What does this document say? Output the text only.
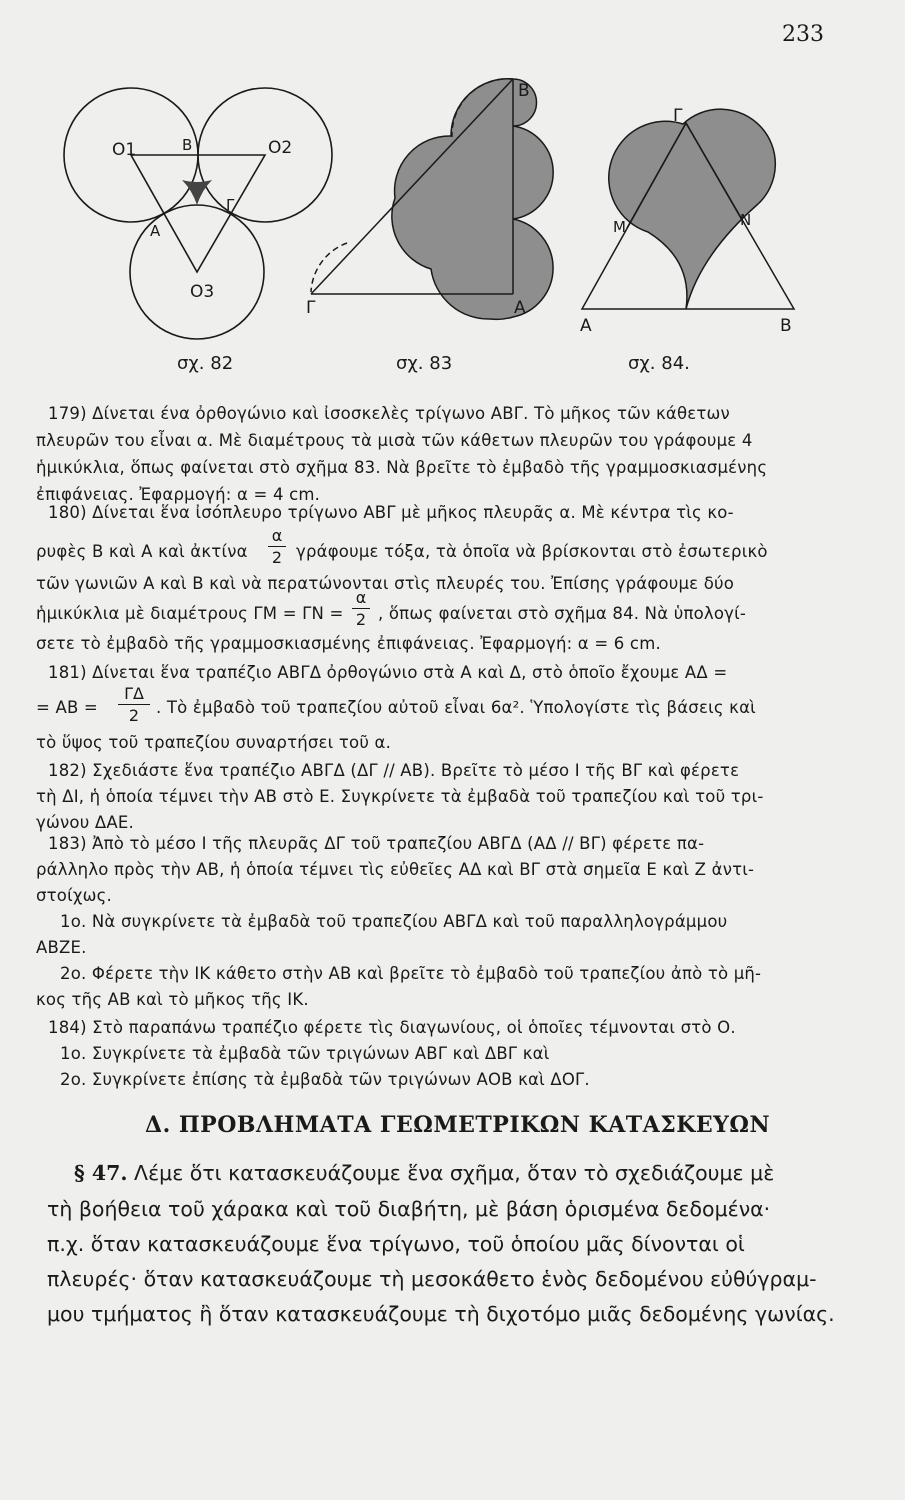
233
O1	O2
O3
B
Γ
A
σχ. 82
B
Γ	A
σχ. 83
Γ
M	N
A	B
σχ. 84.
179) Δίνεται ένα ὀρθογώνιο καὶ ἰσοσκελὲς τρίγωνο ΑΒΓ. Τὸ μῆκος τῶν κάθετων
πλευρῶν του εἶναι α. Μὲ διαμέτρους τὰ μισὰ τῶν κάθετων πλευρῶν του γράφουμε 4
ἡμικύκλια, ὅπως φαίνεται στὸ σχῆμα 83. Νὰ βρεῖτε τὸ ἐμβαδὸ τῆς γραμμοσκιασμένης
ἐπιφάνειας. Ἐφαρμογή: α = 4 cm.
180) Δίνεται ἕνα ἰσόπλευρο τρίγωνο ΑΒΓ μὲ μῆκος πλευρᾶς α. Μὲ κέντρα τὶς κο-
ρυφὲς Β καὶ Α καὶ ἀκτίνα
α
2 γράφουμε τόξα, τὰ ὁποῖα νὰ βρίσκονται στὸ ἐσωτερικὸ
τῶν γωνιῶν Α καὶ Β καὶ νὰ περατώνονται στὶς πλευρές του. Ἐπίσης γράφουμε δύο
ἡμικύκλια μὲ διαμέτρους ΓΜ = ΓΝ =
α
2 , ὅπως φαίνεται στὸ σχῆμα 84. Νὰ ὑπολογί-
σετε τὸ ἐμβαδὸ τῆς γραμμοσκιασμένης ἐπιφάνειας. Ἐφαρμογή: α = 6 cm.
181) Δίνεται ἕνα τραπέζιο ΑΒΓΔ ὀρθογώνιο στὰ Α καὶ Δ, στὸ ὁποῖο ἔχουμε ΑΔ =
= ΑΒ =
ΓΔ
2	. Τὸ ἐμβαδὸ τοῦ τραπεζίου αὐτοῦ εἶναι 6α². Ὑπολογίστε τὶς βάσεις καὶ
τὸ ὕψος τοῦ τραπεζίου συναρτήσει τοῦ α.
182) Σχεδιάστε ἕνα τραπέζιο ΑΒΓΔ (ΔΓ // ΑΒ). Βρεῖτε τὸ μέσο Ι τῆς ΒΓ καὶ φέρετε
τὴ ΔΙ, ἡ ὁποία τέμνει τὴν ΑΒ στὸ Ε. Συγκρίνετε τὰ ἐμβαδὰ τοῦ τραπεζίου καὶ τοῦ τρι-
γώνου ΔΑΕ.
183) Ἀπὸ τὸ μέσο Ι τῆς πλευρᾶς ΔΓ τοῦ τραπεζίου ΑΒΓΔ (ΑΔ // ΒΓ) φέρετε πα-
ράλληλο πρὸς τὴν ΑΒ, ἡ ὁποία τέμνει τὶς εὐθεῖες ΑΔ καὶ ΒΓ στὰ σημεῖα Ε καὶ Ζ ἀντι-
στοίχως.
1ο. Νὰ συγκρίνετε τὰ ἐμβαδὰ τοῦ τραπεζίου ΑΒΓΔ καὶ τοῦ παραλληλογράμμου
ΑΒΖΕ.
2ο. Φέρετε τὴν ΙΚ κάθετο στὴν ΑΒ καὶ βρεῖτε τὸ ἐμβαδὸ τοῦ τραπεζίου ἀπὸ τὸ μῆ-
κος τῆς ΑΒ καὶ τὸ μῆκος τῆς ΙΚ.
184) Στὸ παραπάνω τραπέζιο φέρετε τὶς διαγωνίους, οἱ ὁποῖες τέμνονται στὸ Ο.
1ο. Συγκρίνετε τὰ ἐμβαδὰ τῶν τριγώνων ΑΒΓ καὶ ΔΒΓ καὶ
2ο. Συγκρίνετε ἐπίσης τὰ ἐμβαδὰ τῶν τριγώνων ΑΟΒ καὶ ΔΟΓ.
Δ. ΠΡΟΒΛΗΜΑΤΑ ΓΕΩΜΕΤΡΙΚΩΝ ΚΑΤΑΣΚΕΥΩΝ
§ 47. Λέμε ὅτι κατασκευάζουμε ἕνα σχῆμα, ὅταν τὸ σχεδιάζουμε μὲ
τὴ βοήθεια τοῦ χάρακα καὶ τοῦ διαβήτη, μὲ βάση ὁρισμένα δεδομένα·
π.χ. ὅταν κατασκευάζουμε ἕνα τρίγωνο, τοῦ ὁποίου μᾶς δίνονται οἱ
πλευρές· ὅταν κατασκευάζουμε τὴ μεσοκάθετο ἑνὸς δεδομένου εὐθύγραμ-
μου τμήματος ἢ ὅταν κατασκευάζουμε τὴ διχοτόμο μιᾶς δεδομένης γωνίας.
